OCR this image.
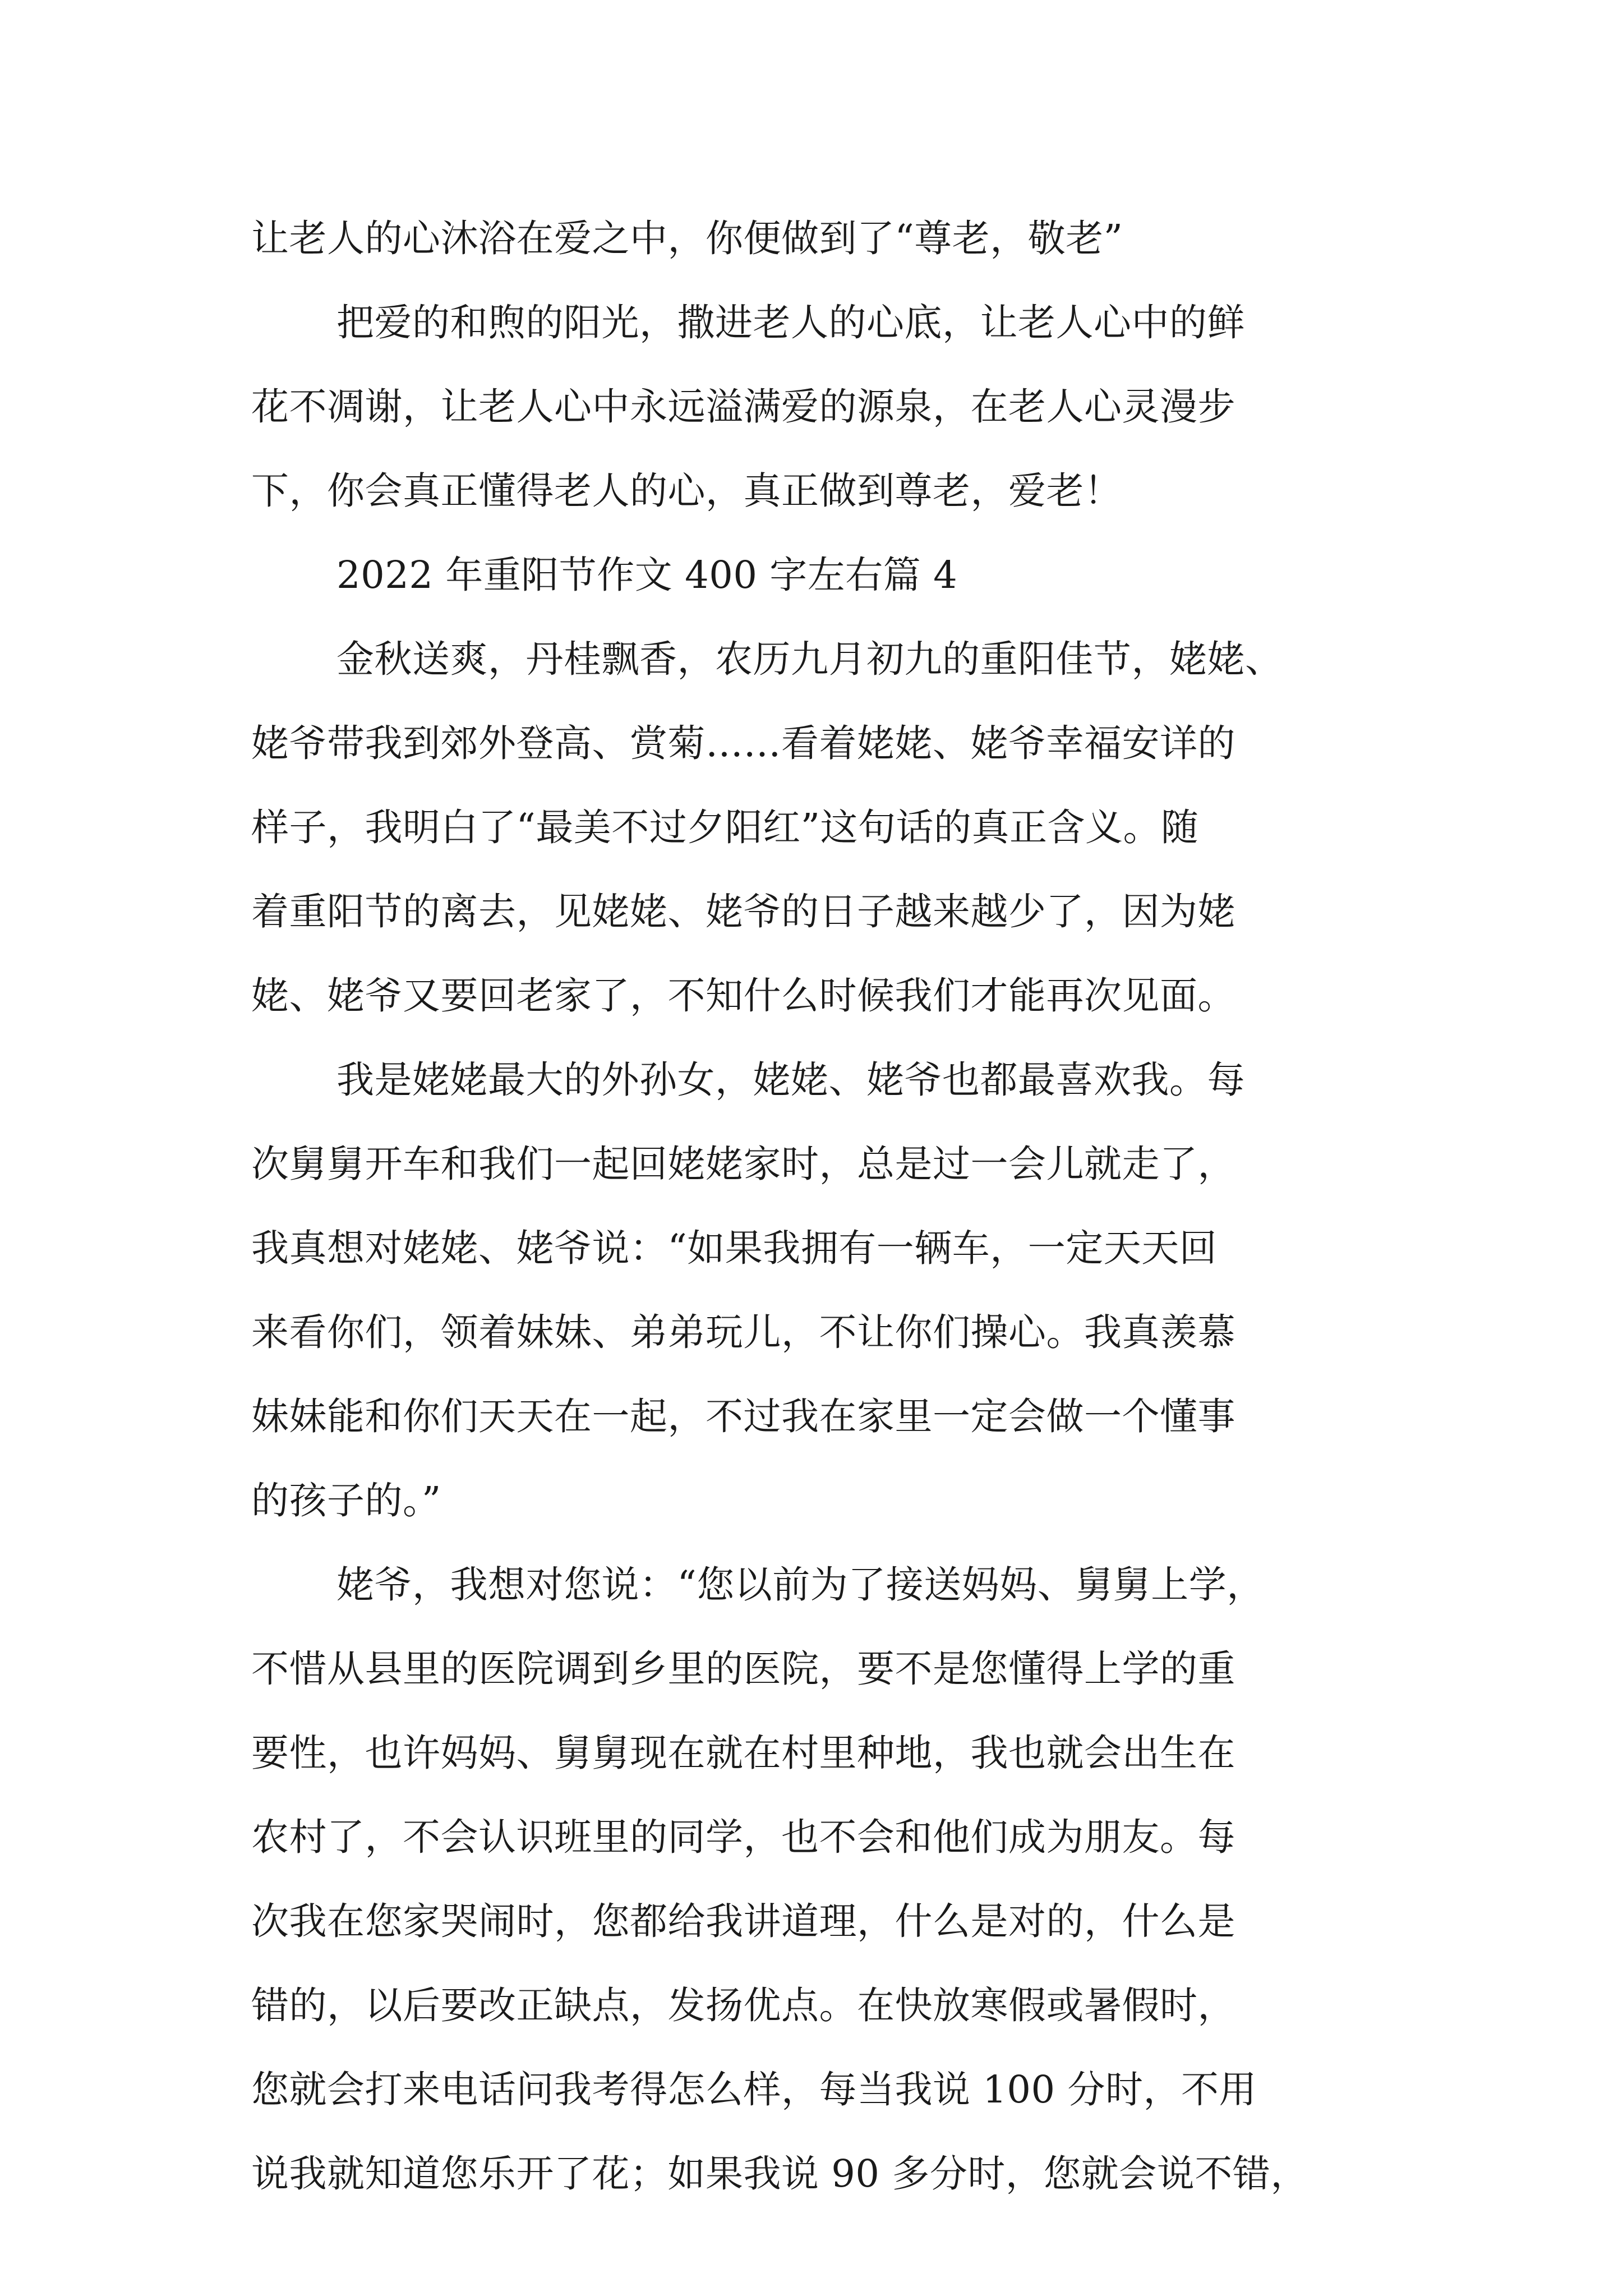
让老人的心沐浴在爱之中，你便做到了“尊老，敬老”
把爱的和煦的阳光，撒进老人的心底，让老人心中的鲜
花不凋谢，让老人心中永远溢满爱的源泉，在老人心灵漫步
下，你会真正懂得老人的心，真正做到尊老，爱老！
2022 年重阳节作文 400 字左右篇 4
金秋送爽，丹桂飘香，农历九月初九的重阳佳节，姥姥、
姥爷带我到郊外登高、赏菊……看着姥姥、姥爷幸福安详的
样子，我明白了“最美不过夕阳红”这句话的真正含义。随
着重阳节的离去，见姥姥、姥爷的日子越来越少了，因为姥
姥、姥爷又要回老家了，不知什么时候我们才能再次见面。
我是姥姥最大的外孙女，姥姥、姥爷也都最喜欢我。每
次舅舅开车和我们一起回姥姥家时，总是过一会儿就走了，
我真想对姥姥、姥爷说：“如果我拥有一辆车，一定天天回
来看你们，领着妹妹、弟弟玩儿，不让你们操心。我真羡慕
妹妹能和你们天天在一起，不过我在家里一定会做一个懂事
的孩子的。”
姥爷，我想对您说：“您以前为了接送妈妈、舅舅上学，
不惜从县里的医院调到乡里的医院，要不是您懂得上学的重
要性，也许妈妈、舅舅现在就在村里种地，我也就会出生在
农村了，不会认识班里的同学，也不会和他们成为朋友。每
次我在您家哭闹时，您都给我讲道理，什么是对的，什么是
错的，以后要改正缺点，发扬优点。在快放寒假或暑假时，
您就会打来电话问我考得怎么样，每当我说 100 分时，不用
说我就知道您乐开了花；如果我说 90 多分时，您就会说不错，
